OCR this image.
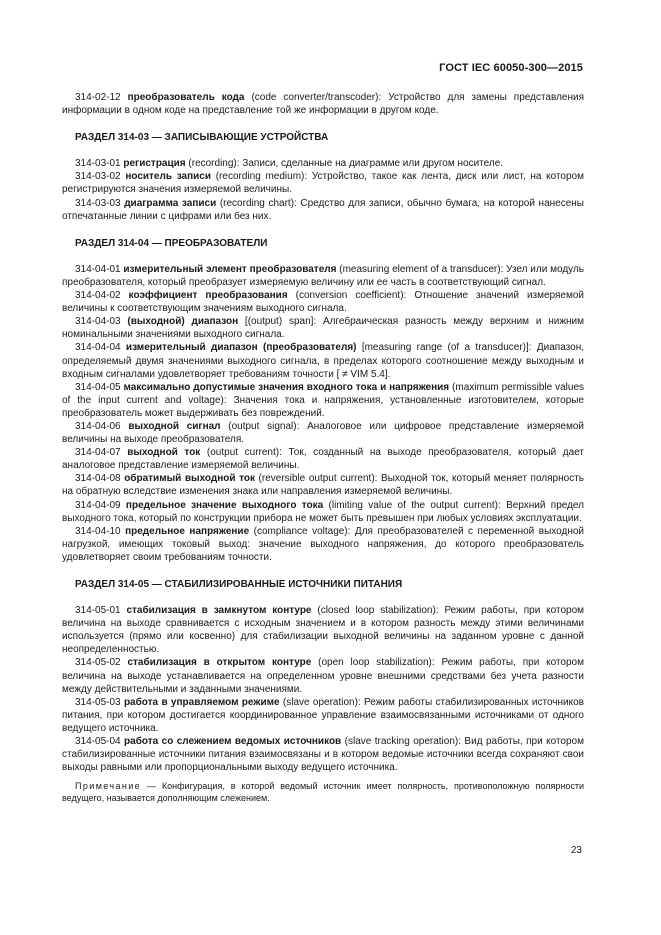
ГОСТ IEC 60050-300—2015

314-02-12 преобразователь кода (code converter/transcoder): Устройство для замены представления информации в одном коде на представление той же информации в другом коде.

РАЗДЕЛ 314-03 — ЗАПИСЫВАЮЩИЕ УСТРОЙСТВА

314-03-01 регистрация (recording): Записи, сделанные на диаграмме или другом носителе.

314-03-02 носитель записи (recording medium): Устройство, такое как лента, диск или лист, на котором регистрируются значения измеряемой величины.

314-03-03 диаграмма записи (recording chart): Средство для записи, обычно бумага, на которой нанесены отпечатанные линии с цифрами или без них.

РАЗДЕЛ 314-04 — ПРЕОБРАЗОВАТЕЛИ

314-04-01 измерительный элемент преобразователя (measuring element of a transducer): Узел или модуль преобразователя, который преобразует измеряемую величину или ее часть в соответствующий сигнал.

314-04-02 коэффициент преобразования (conversion coefficient): Отношение значений измеряемой величины к соответствующим значениям выходного сигнала.

314-04-03 (выходной) диапазон [(output) span]: Алгебраическая разность между верхним и нижним номинальными значениями выходного сигнала.

314-04-04 измерительный диапазон (преобразователя) [measuring range (of a transducer)]: Диапазон, определяемый двумя значениями выходного сигнала, в пределах которого соотношение между выходным и входным сигналами удовлетворяет требованиям точности [ ≠ VIM 5.4].

314-04-05 максимально допустимые значения входного тока и напряжения (maximum permissible values of the input current and voltage): Значения тока и напряжения, установленные изготовителем, которые преобразователь может выдерживать без повреждений.

314-04-06 выходной сигнал (output signal): Аналоговое или цифровое представление измеряемой величины на выходе преобразователя.

314-04-07 выходной ток (output current): Ток, созданный на выходе преобразователя, который дает аналоговое представление измеряемой величины.

314-04-08 обратимый выходной ток (reversible output current): Выходной ток, который меняет полярность на обратную вследствие изменения знака или направления измеряемой величины.

314-04-09 предельное значение выходного тока (limiting value of the output current): Верхний предел выходного тока, который по конструкции прибора не может быть превышен при любых условиях эксплуатации.

314-04-10 предельное напряжение (compliance voltage): Для преобразователей с переменной выходной нагрузкой, имеющих токовый выход: значение выходного напряжения, до которого преобразователь удовлетворяет своим требованиям точности.

РАЗДЕЛ 314-05 — СТАБИЛИЗИРОВАННЫЕ ИСТОЧНИКИ ПИТАНИЯ

314-05-01 стабилизация в замкнутом контуре (closed loop stabilization): Режим работы, при котором величина на выходе сравнивается с исходным значением и в котором разность между этими величинами используется (прямо или косвенно) для стабилизации выходной величины на заданном уровне с данной неопределенностью.

314-05-02 стабилизация в открытом контуре (open loop stabilization): Режим работы, при котором величина на выходе устанавливается на определенном уровне внешними средствами без учета разности между действительными и заданными значениями.

314-05-03 работа в управляемом режиме (slave operation): Режим работы стабилизированных источников питания, при котором достигается координированное управление взаимосвязанными источниками от одного ведущего источника.

314-05-04 работа со слежением ведомых источников (slave tracking operation): Вид работы, при котором стабилизированные источники питания взаимосвязаны и в котором ведомые источники всегда сохраняют свои выходы равными или пропорциональными выходу ведущего источника.

Примечание — Конфигурация, в которой ведомый источник имеет полярность, противоположную полярности ведущего, называется дополняющим слежением.

23
